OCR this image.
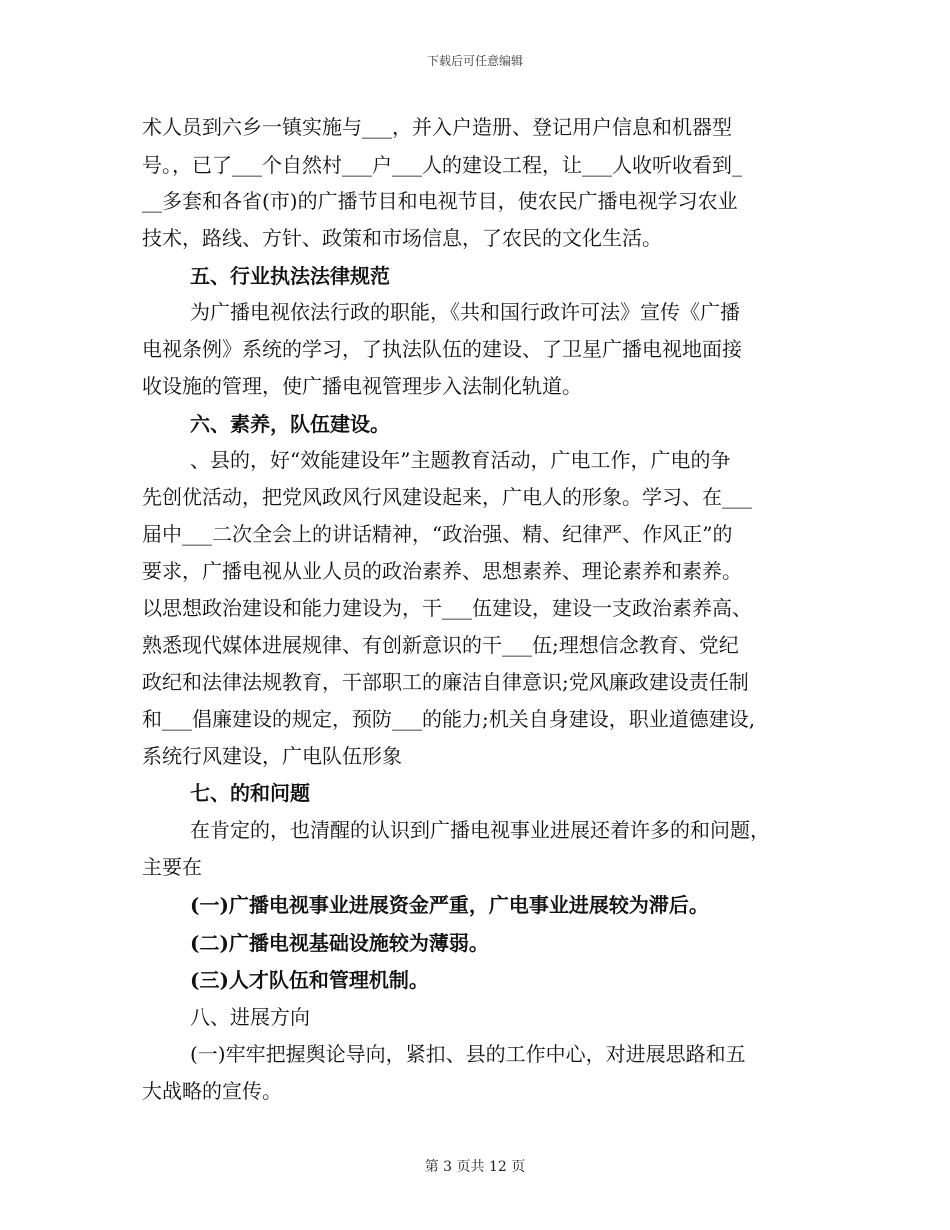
下载后可任意编辑
术人员到六乡一镇实施与___，并入户造册、登记用户信息和机器型
号。，已了___个自然村___户___人的建设工程，让___人收听收看到_
__多套和各省(市)的广播节目和电视节目，使农民广播电视学习农业
技术，路线、方针、政策和市场信息，了农民的文化生活。
五、行业执法法律规范
为广播电视依法行政的职能，《共和国行政许可法》宣传《广播
电视条例》系统的学习，了执法队伍的建设、了卫星广播电视地面接
收设施的管理，使广播电视管理步入法制化轨道。
六、素养，队伍建设。
、县的，好“效能建设年”主题教育活动，广电工作，广电的争
先创优活动，把党风政风行风建设起来，广电人的形象。学习、在___
届中___二次全会上的讲话精神，“政治强、精、纪律严、作风正”的
要求，广播电视从业人员的政治素养、思想素养、理论素养和素养。
以思想政治建设和能力建设为，干___伍建设，建设一支政治素养高、
熟悉现代媒体进展规律、有创新意识的干___伍;理想信念教育、党纪
政纪和法律法规教育，干部职工的廉洁自律意识;党风廉政建设责任制
和___倡廉建设的规定，预防___的能力;机关自身建设，职业道德建设,
系统行风建设，广电队伍形象
七、的和问题
在肯定的，也清醒的认识到广播电视事业进展还着许多的和问题，
主要在
(一)广播电视事业进展资金严重，广电事业进展较为滞后。
(二)广播电视基础设施较为薄弱。
(三)人才队伍和管理机制。
八、进展方向
(一)牢牢把握舆论导向，紧扣、县的工作中心，对进展思路和五
大战略的宣传。
第 3 页共 12 页
